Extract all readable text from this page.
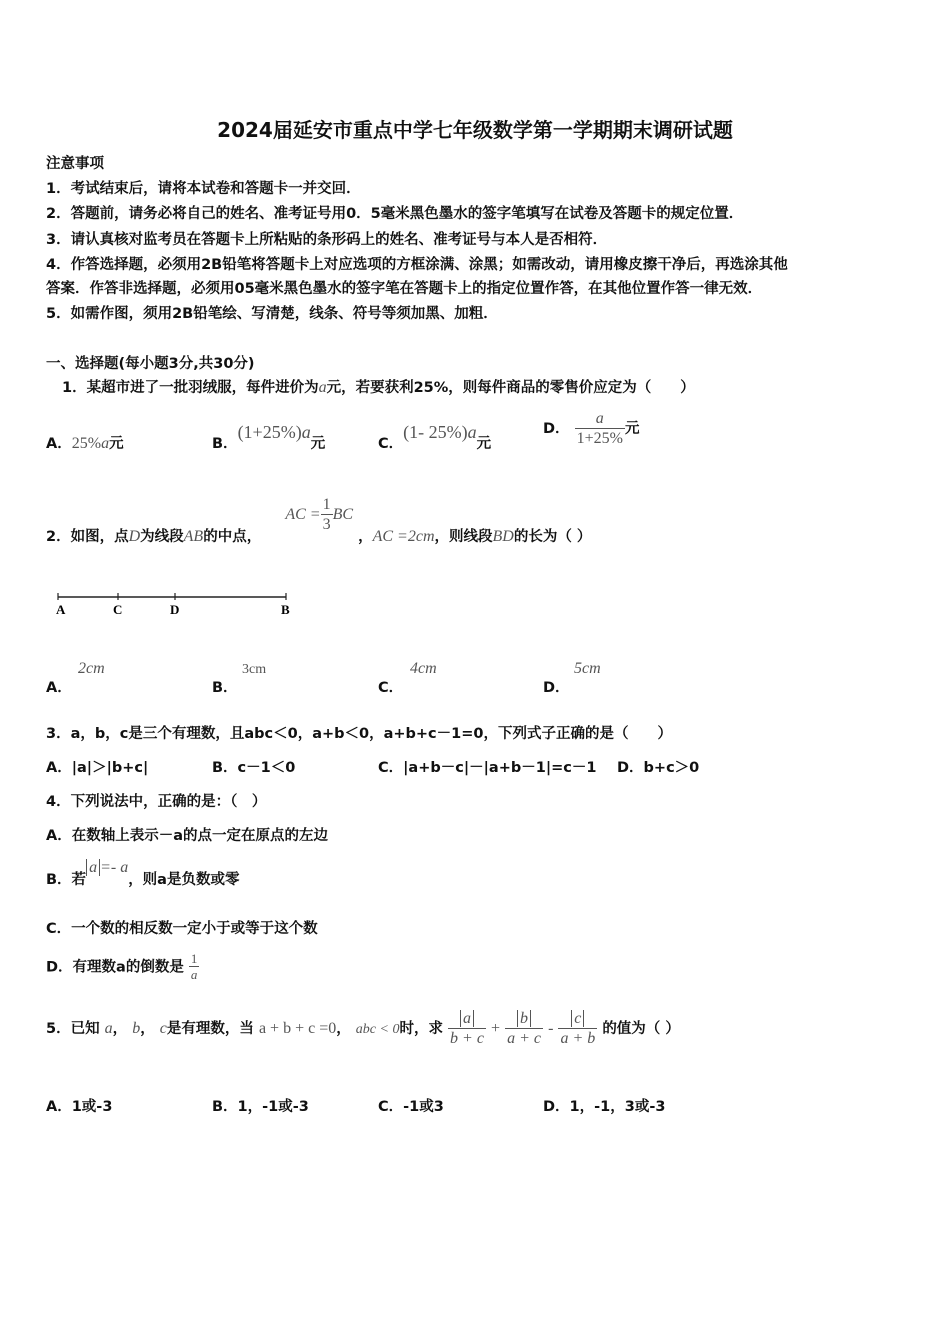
2024届延安市重点中学七年级数学第一学期期末调研试题
注意事项
1．考试结束后，请将本试卷和答题卡一并交回．
2．答题前，请务必将自己的姓名、准考证号用0．5毫米黑色墨水的签字笔填写在试卷及答题卡的规定位置．
3．请认真核对监考员在答题卡上所粘贴的条形码上的姓名、准考证号与本人是否相符．
4．作答选择题，必须用2B铅笔将答题卡上对应选项的方框涂满、涂黑；如需改动，请用橡皮擦干净后，再选涂其他
答案．作答非选择题，必须用05毫米黑色墨水的签字笔在答题卡上的指定位置作答，在其他位置作答一律无效．
5．如需作图，须用2B铅笔绘、写清楚，线条、符号等须加黑、加粗．
一、选择题(每小题3分,共30分)
1．某超市进了一批羽绒服，每件进价为a元，若要获利25%，则每件商品的零售价应定为（　　）
A．25%a元	B．(1+25%)a元	C．(1- 25%)a元
D． $\frac{a}{1+25\%}$ 元
2．如图，点D为线段AB的中点，  AC = $\frac{1}{3}$ BC ，AC =2cm，则线段BD的长为（ ）
A	C	D	B
A．
2cm
B．
3cm
C．
4cm
D．
5cm
3．a，b，c是三个有理数，且abc＜0，a+b＜0，a+b+c－1=0，下列式子正确的是（　　）
A．|a|＞|b+c|	B．c－1＜0	C．|a+b－c|－|a+b－1|=c－1 D．b+c＞0
4．下列说法中，正确的是：（　）
A．在数轴上表示－a的点一定在原点的左边
B．若a =- a，则a是负数或零
C．一个数的相反数一定小于或等于这个数
D．有理数a的倒数是 $\frac{1}{a}$
5．已知 a， b， c是有理数，当 a + b + c =0， abc < 0时，求 $\frac{a}{b + c} + \frac{b}{a + c} - \frac{c}{a + b}$ 的值为（ ）
A．1或-3	B．1，-1或-3	C．-1或3	D．1，-1，3或-3
